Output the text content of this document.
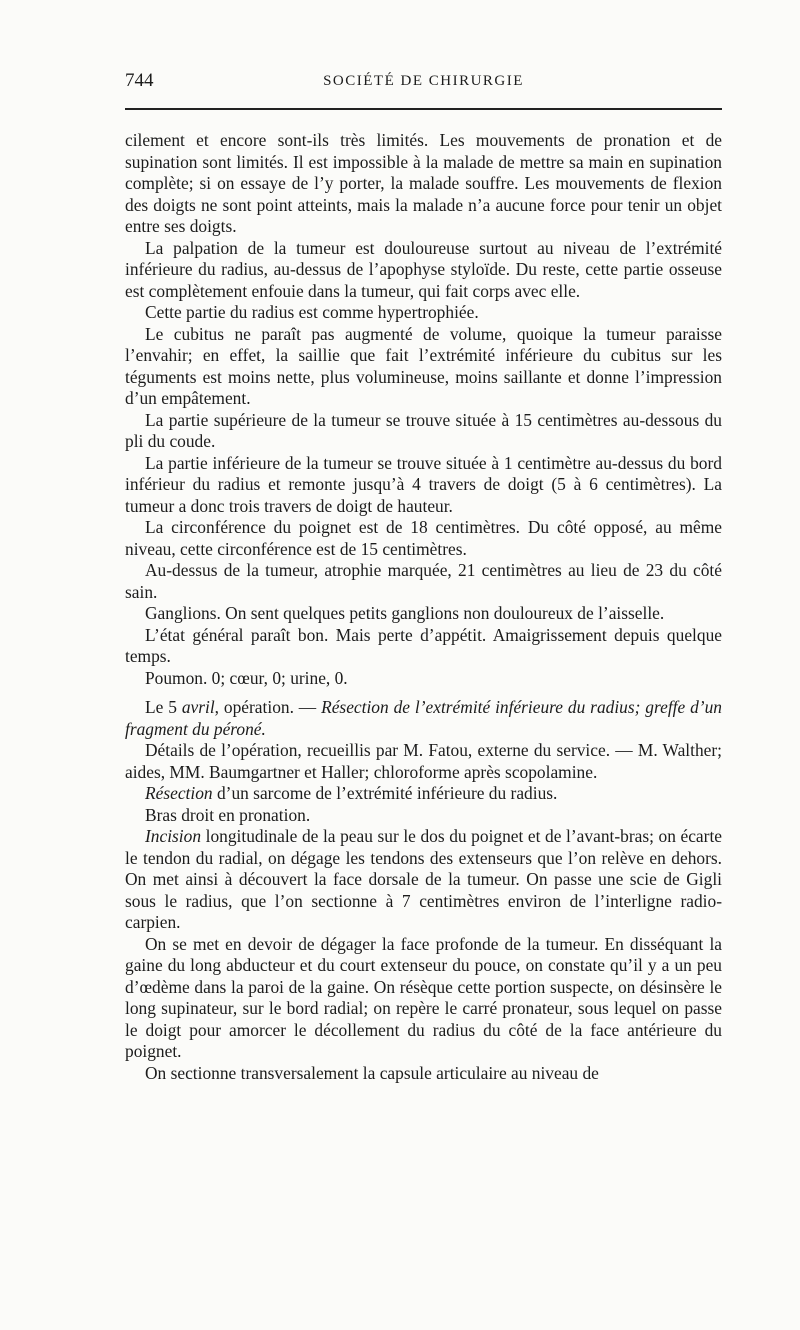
744	SOCIÉTÉ DE CHIRURGIE

cilement et encore sont-ils très limités. Les mouvements de pronation et de supination sont limités. Il est impossible à la malade de mettre sa main en supination complète; si on essaye de l’y porter, la malade souffre. Les mouvements de flexion des doigts ne sont point atteints, mais la malade n’a aucune force pour tenir un objet entre ses doigts.

La palpation de la tumeur est douloureuse surtout au niveau de l’extrémité inférieure du radius, au-dessus de l’apophyse styloïde. Du reste, cette partie osseuse est complètement enfouie dans la tumeur, qui fait corps avec elle.

Cette partie du radius est comme hypertrophiée.

Le cubitus ne paraît pas augmenté de volume, quoique la tumeur paraisse l’envahir; en effet, la saillie que fait l’extrémité inférieure du cubitus sur les téguments est moins nette, plus volumineuse, moins saillante et donne l’impression d’un empâtement.

La partie supérieure de la tumeur se trouve située à 15 centimètres au-dessous du pli du coude.

La partie inférieure de la tumeur se trouve située à 1 centimètre au-dessus du bord inférieur du radius et remonte jusqu’à 4 travers de doigt (5 à 6 centimètres). La tumeur a donc trois travers de doigt de hauteur.

La circonférence du poignet est de 18 centimètres. Du côté opposé, au même niveau, cette circonférence est de 15 centimètres.

Au-dessus de la tumeur, atrophie marquée, 21 centimètres au lieu de 23 du côté sain.

Ganglions. On sent quelques petits ganglions non douloureux de l’aisselle.

L’état général paraît bon. Mais perte d’appétit. Amaigrissement depuis quelque temps.

Poumon. 0; cœur, 0; urine, 0.

Le 5 avril, opération. — Résection de l’extrémité inférieure du radius; greffe d’un fragment du péroné.

Détails de l’opération, recueillis par M. Fatou, externe du service. — M. Walther; aides, MM. Baumgartner et Haller; chloroforme après scopolamine.

Résection d’un sarcome de l’extrémité inférieure du radius.

Bras droit en pronation.

Incision longitudinale de la peau sur le dos du poignet et de l’avant-bras; on écarte le tendon du radial, on dégage les tendons des extenseurs que l’on relève en dehors. On met ainsi à découvert la face dorsale de la tumeur. On passe une scie de Gigli sous le radius, que l’on sectionne à 7 centimètres environ de l’interligne radio-carpien.

On se met en devoir de dégager la face profonde de la tumeur. En disséquant la gaine du long abducteur et du court extenseur du pouce, on constate qu’il y a un peu d’œdème dans la paroi de la gaine. On résèque cette portion suspecte, on désinsère le long supinateur, sur le bord radial; on repère le carré pronateur, sous lequel on passe le doigt pour amorcer le décollement du radius du côté de la face antérieure du poignet.

On sectionne transversalement la capsule articulaire au niveau de
